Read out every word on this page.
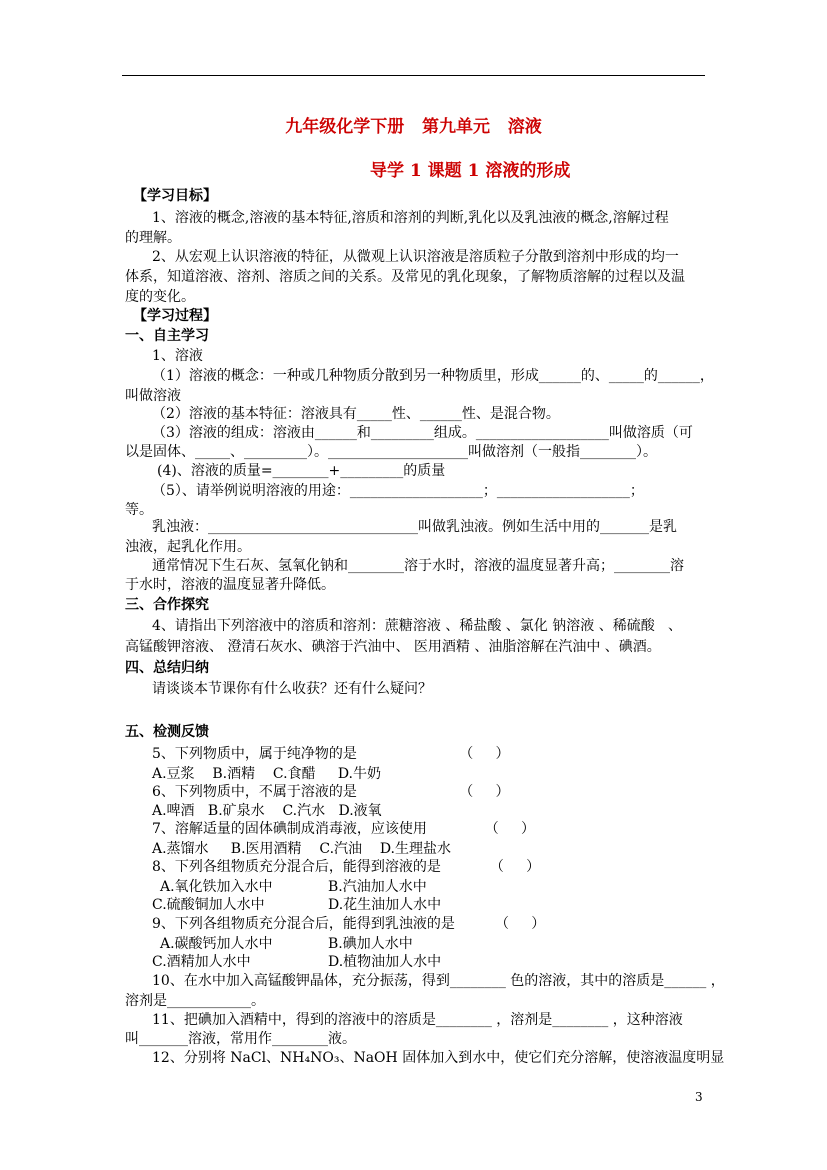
九年级化学下册   第九单元   溶液
导学 1 课题 1 溶液的形成
【学习目标】
1、溶液的概念,溶液的基本特征,溶质和溶剂的判断,乳化以及乳浊液的概念,溶解过程
的理解。
2、从宏观上认识溶液的特征，从微观上认识溶液是溶质粒子分散到溶剂中形成的均一
体系，知道溶液、溶剂、溶质之间的关系。及常见的乳化现象，了解物质溶解的过程以及温
度的变化。
【学习过程】
一、自主学习
1、溶液
（1）溶液的概念：一种或几种物质分散到另一种物质里，形成______的、_____的______，
叫做溶液
（2）溶液的基本特征：溶液具有_____性、______性、是混合物。
（3）溶液的组成：溶液由______和_________组成。___________________叫做溶质（可
以是固体、_____、_________）。____________________叫做溶剂（一般指________）。
(4)、溶液的质量=________+_________的质量
（5）、请举例说明溶液的用途：___________________；___________________；
等。
乳浊液：______________________________叫做乳浊液。例如生活中用的_______是乳
浊液，起乳化作用。
通常情况下生石灰、氢氧化钠和________溶于水时，溶液的温度显著升高；________溶
于水时，溶液的温度显著升降低。
三、合作探究
4、请指出下列溶液中的溶质和溶剂：蔗糖溶液 、稀盐酸 、氯化 钠溶液 、稀硫酸   、
高锰酸钾溶液、 澄清石灰水、碘溶于汽油中、 医用酒精 、油脂溶解在汽油中 、碘酒。
四、总结归纳
请谈谈本节课你有什么收获？还有什么疑问？
五、检测反馈
5、下列物质中，属于纯净物的是                       （     ）
A.豆浆    B.酒精    C.食醋     D.牛奶
6、下列物质中，不属于溶液的是                       （     ）
A.啤酒   B.矿泉水    C.汽水   D.液氧
7、溶解适量的固体碘制成消毒液，应该使用             （     ）
A.蒸馏水     B.医用酒精    C.汽油    D.生理盐水
8、下列各组物质充分混合后，能得到溶液的是           （     ）
A.氧化铁加入水中	B.汽油加人水中
C.硫酸铜加人水中	D.花生油加人水中
9、下列各组物质充分混合后，能得到乳浊液的是         （     ）
A.碳酸钙加人水中	B.碘加人水中
C.酒精加人水中	D.植物油加人水中
10、在水中加入高锰酸钾晶体，充分振荡，得到________ 色的溶液，其中的溶质是______ ，
溶剂是____________。
11、把碘加入酒精中，得到的溶液中的溶质是________ ，溶剂是________ ，这种溶液
叫_______溶液，常用作________液。
12、分别将 NaCl、NH₄NO₃、NaOH 固体加入到水中，使它们充分溶解，使溶液温度明显
3
